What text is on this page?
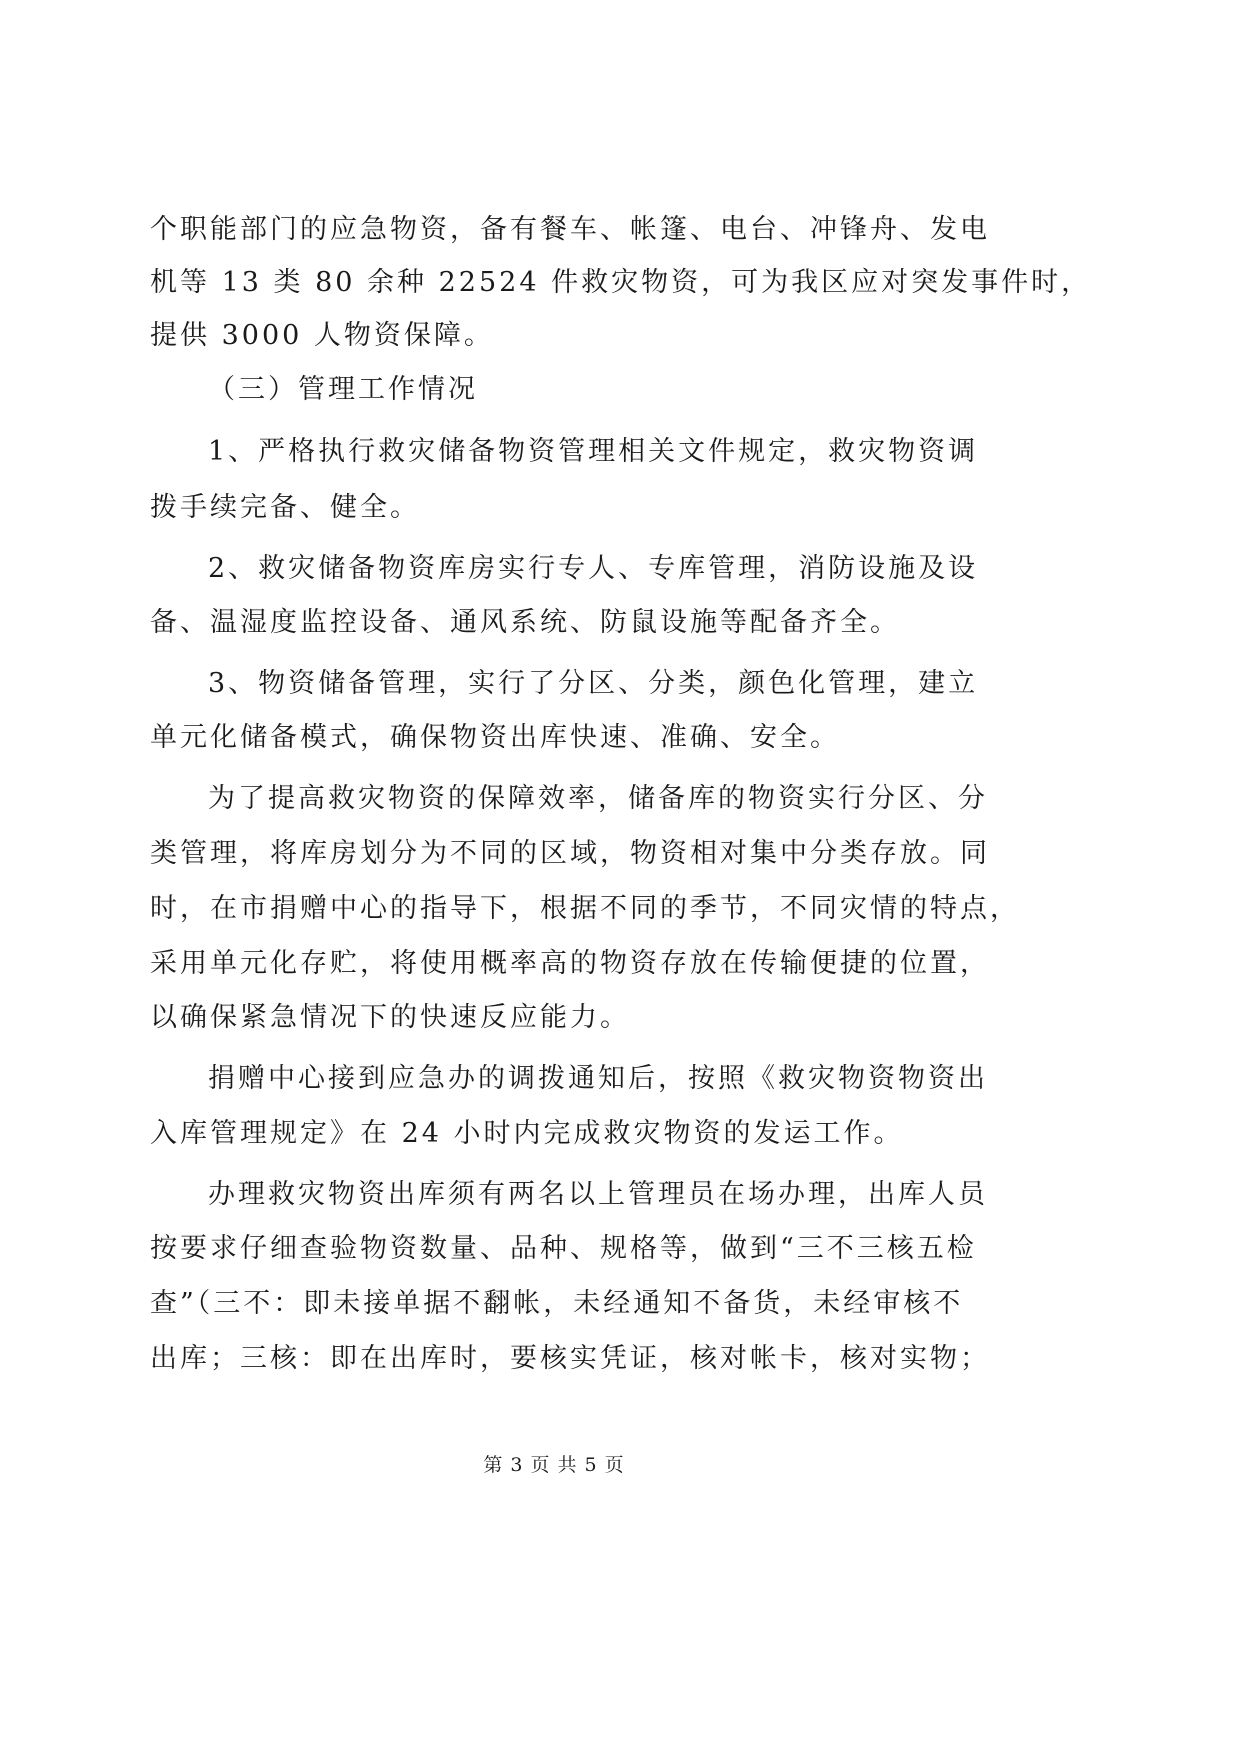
个职能部门的应急物资，备有餐车、帐篷、电台、冲锋舟、发电
机等 13 类 80 余种 22524 件救灾物资，可为我区应对突发事件时，
提供 3000 人物资保障。
（三）管理工作情况
1、严格执行救灾储备物资管理相关文件规定，救灾物资调
拨手续完备、健全。
2、救灾储备物资库房实行专人、专库管理，消防设施及设
备、温湿度监控设备、通风系统、防鼠设施等配备齐全。
3、物资储备管理，实行了分区、分类，颜色化管理，建立
单元化储备模式，确保物资出库快速、准确、安全。
为了提高救灾物资的保障效率，储备库的物资实行分区、分
类管理，将库房划分为不同的区域，物资相对集中分类存放。同
时，在市捐赠中心的指导下，根据不同的季节，不同灾情的特点，
采用单元化存贮，将使用概率高的物资存放在传输便捷的位置，
以确保紧急情况下的快速反应能力。
捐赠中心接到应急办的调拨通知后，按照《救灾物资物资出
入库管理规定》在 24 小时内完成救灾物资的发运工作。
办理救灾物资出库须有两名以上管理员在场办理，出库人员
按要求仔细查验物资数量、品种、规格等，做到“三不三核五检
查”（三不：即未接单据不翻帐，未经通知不备货，未经审核不
出库；三核：即在出库时，要核实凭证，核对帐卡，核对实物；
第 3 页 共 5 页
